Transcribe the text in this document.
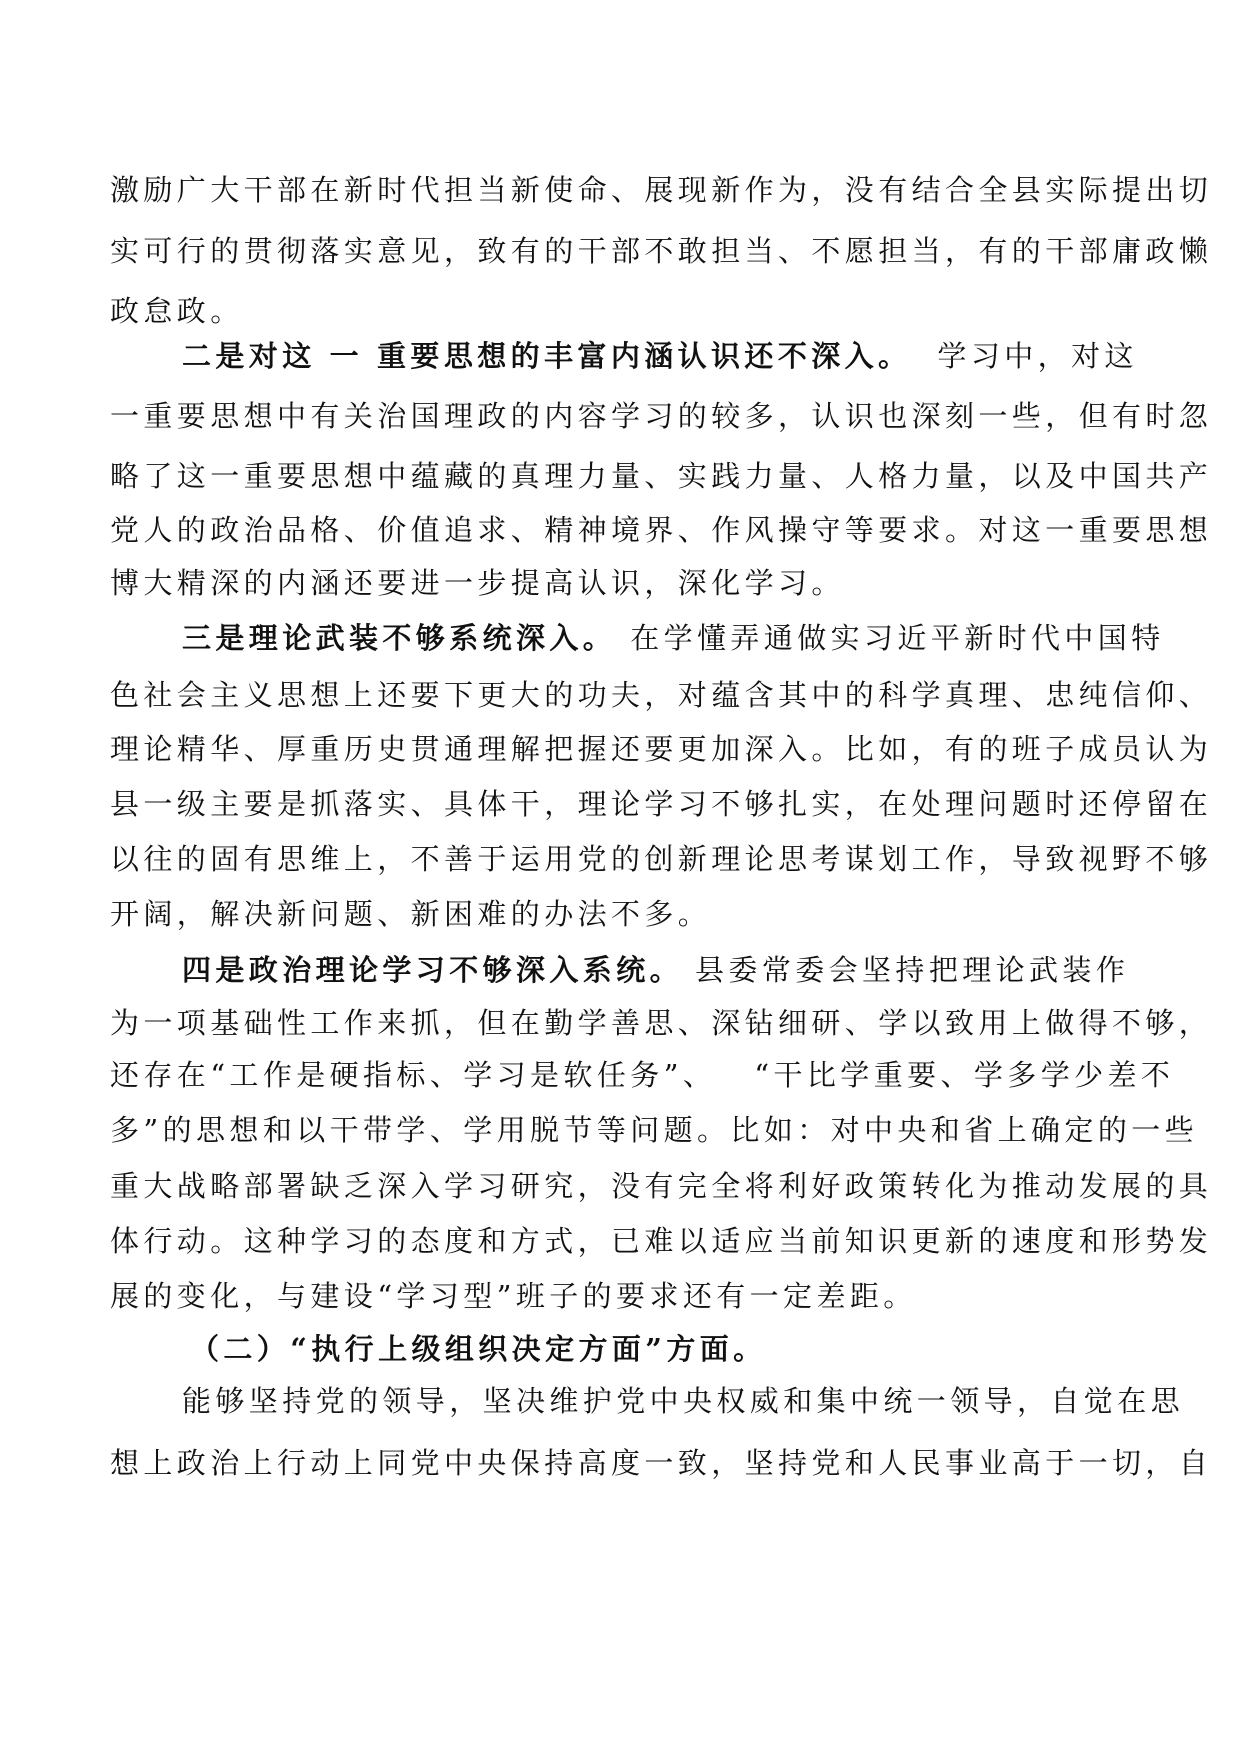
激励广大干部在新时代担当新使命、展现新作为，没有结合全县实际提出切
实可行的贯彻落实意见，致有的干部不敢担当、不愿担当，有的干部庸政懒
政怠政。
二是对这 一 重要思想的丰富内涵认识还不深入。 学习中，对这
一重要思想中有关治国理政的内容学习的较多，认识也深刻一些，但有时忽
略了这一重要思想中蕴藏的真理力量、实践力量、人格力量，以及中国共产
党人的政治品格、价值追求、精神境界、作风操守等要求。对这一重要思想
博大精深的内涵还要进一步提高认识，深化学习。
三是理论武装不够系统深入。 在学懂弄通做实习近平新时代中国特
色社会主义思想上还要下更大的功夫，对蕴含其中的科学真理、忠纯信仰、
理论精华、厚重历史贯通理解把握还要更加深入。比如，有的班子成员认为
县一级主要是抓落实、具体干，理论学习不够扎实，在处理问题时还停留在
以往的固有思维上，不善于运用党的创新理论思考谋划工作，导致视野不够
开阔，解决新问题、新困难的办法不多。
四是政治理论学习不够深入系统。 县委常委会坚持把理论武装作
为一项基础性工作来抓，但在勤学善思、深钻细研、学以致用上做得不够，
还存在“工作是硬指标、学习是软任务”、 “干比学重要、学多学少差不
多”的思想和以干带学、学用脱节等问题。比如：对中央和省上确定的一些
重大战略部署缺乏深入学习研究，没有完全将利好政策转化为推动发展的具
体行动。这种学习的态度和方式，已难以适应当前知识更新的速度和形势发
展的变化，与建设“学习型”班子的要求还有一定差距。
（二）“执行上级组织决定方面”方面。
能够坚持党的领导，坚决维护党中央权威和集中统一领导，自觉在思
想上政治上行动上同党中央保持高度一致，坚持党和人民事业高于一切，自
